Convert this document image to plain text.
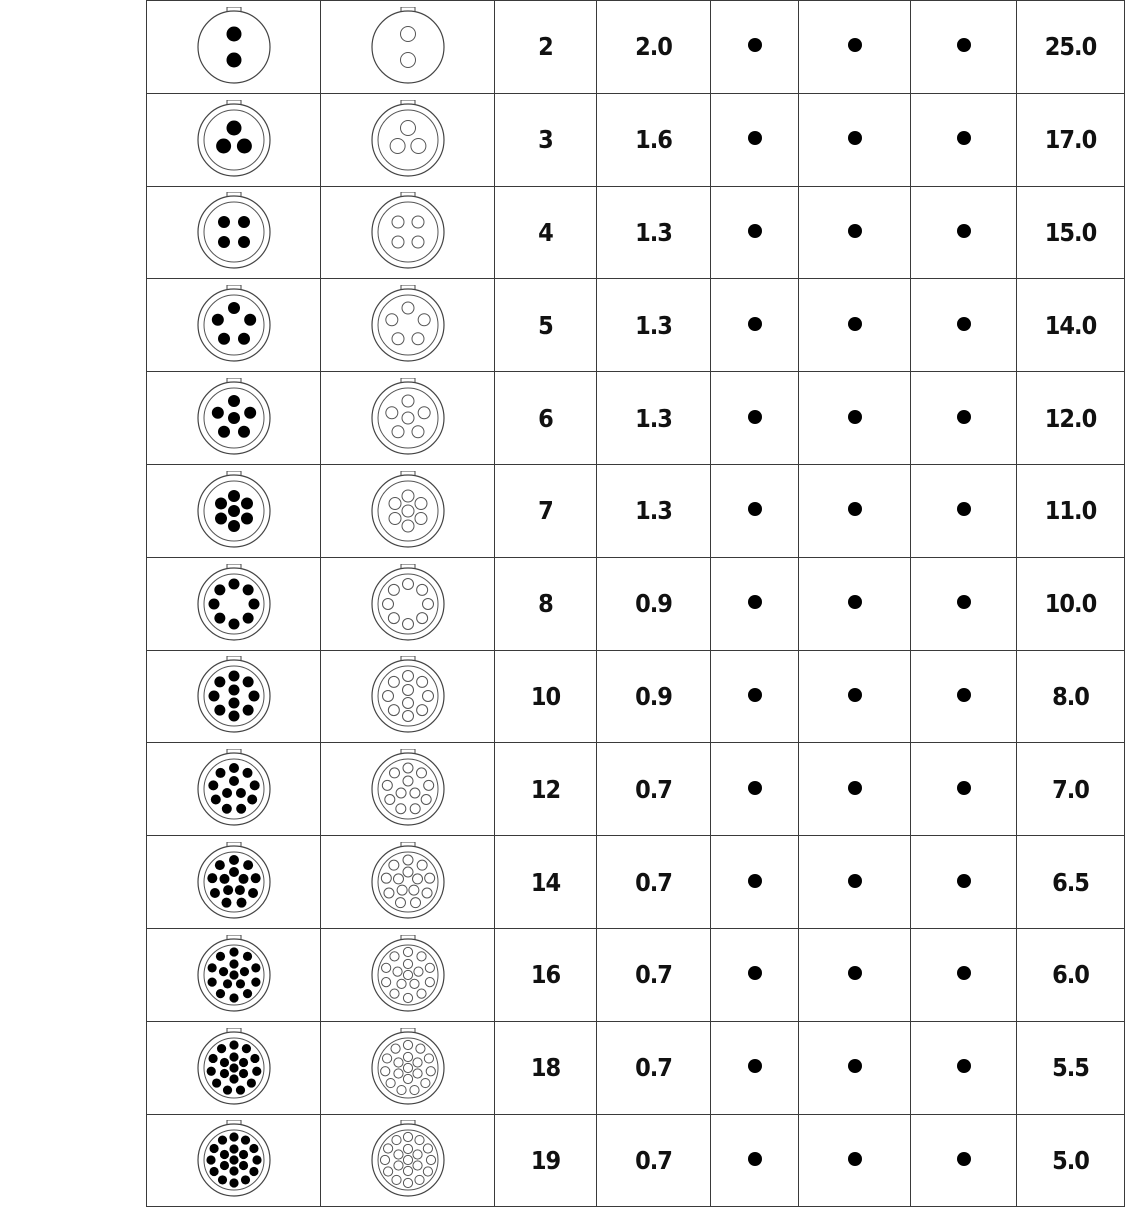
	2	2.0				25.0

	3	1.6				17.0

	4	1.3				15.0

	5	1.3				14.0

	6	1.3				12.0

	7	1.3				11.0

	8	0.9				10.0

	10	0.9				8.0

	12	0.7				7.0

	14	0.7				6.5

	16	0.7				6.0

	18	0.7				5.5

	19	0.7				5.0
